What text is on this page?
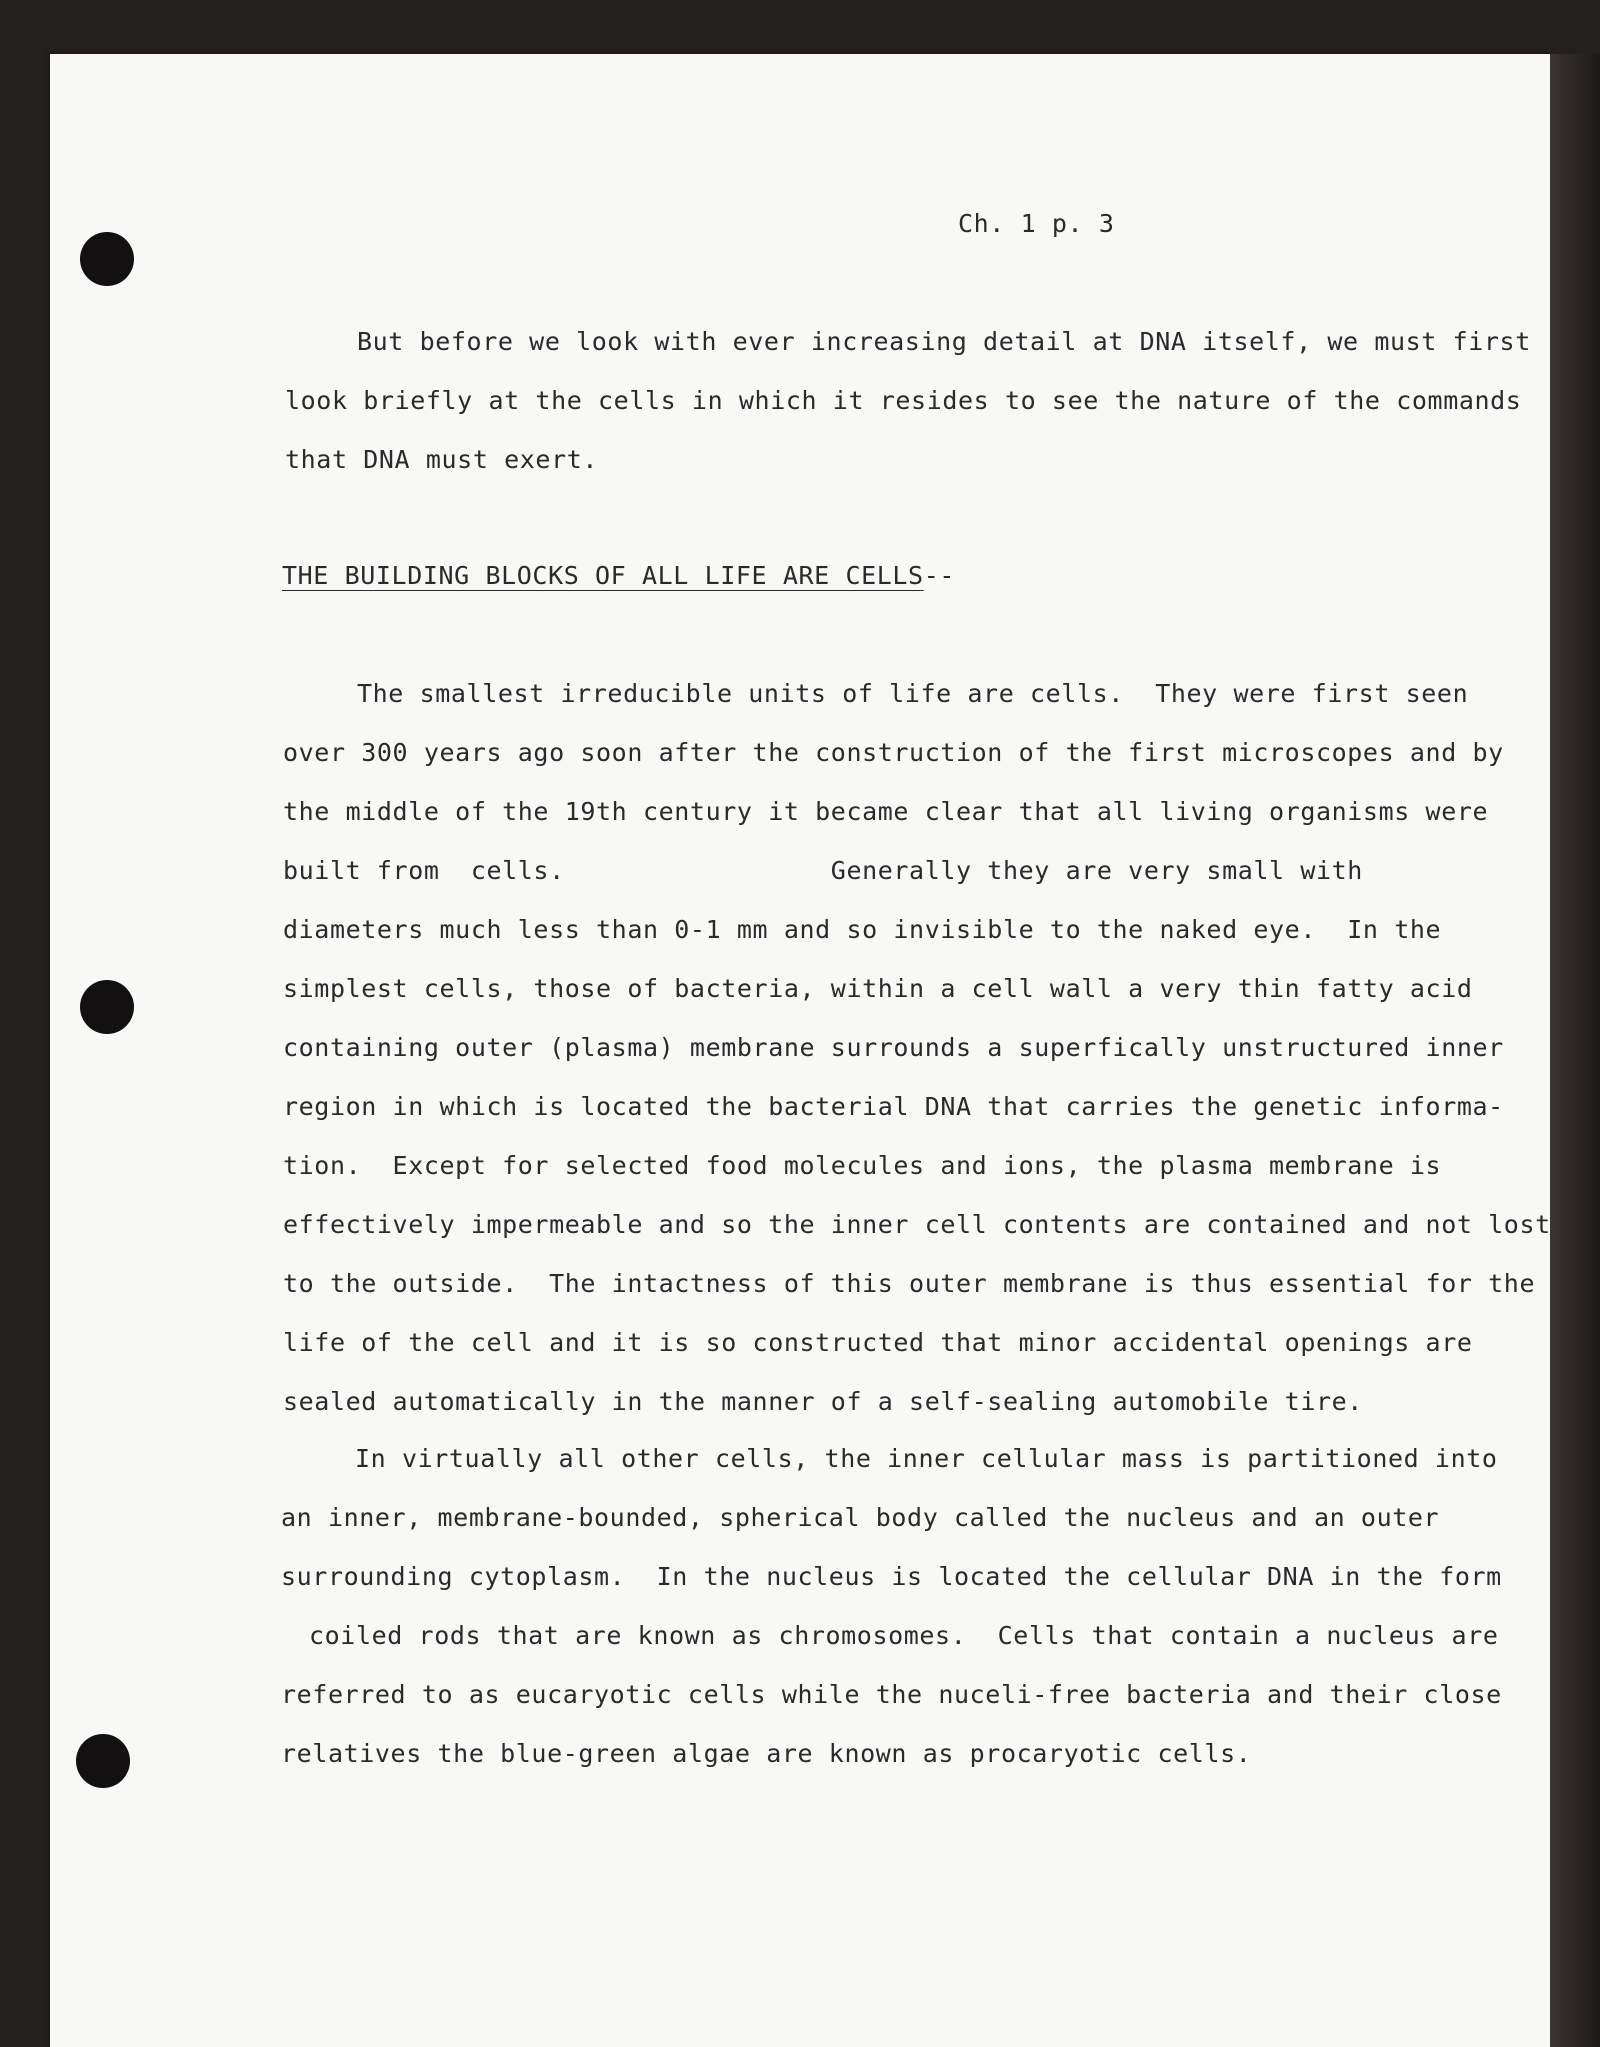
Ch. 1 p. 3

But before we look with ever increasing detail at DNA itself, we must first

look briefly at the cells in which it resides to see the nature of the commands

that DNA must exert.

THE BUILDING BLOCKS OF ALL LIFE ARE CELLS--

The smallest irreducible units of life are cells.  They were first seen

over 300 years ago soon after the construction of the first microscopes and by

the middle of the 19th century it became clear that all living organisms were

built from  cells.                 Generally they are very small with

diameters much less than 0-1 mm and so invisible to the naked eye.  In the

simplest cells, those of bacteria, within a cell wall a very thin fatty acid

containing outer (plasma) membrane surrounds a superfically unstructured inner

region in which is located the bacterial DNA that carries the genetic informa-

tion.  Except for selected food molecules and ions, the plasma membrane is

effectively impermeable and so the inner cell contents are contained and not lost

to the outside.  The intactness of this outer membrane is thus essential for the

life of the cell and it is so constructed that minor accidental openings are

sealed automatically in the manner of a self-sealing automobile tire.

In virtually all other cells, the inner cellular mass is partitioned into

an inner, membrane-bounded, spherical body called the nucleus and an outer

surrounding cytoplasm.  In the nucleus is located the cellular DNA in the form

coiled rods that are known as chromosomes.  Cells that contain a nucleus are

referred to as eucaryotic cells while the nuceli-free bacteria and their close

relatives the blue-green algae are known as procaryotic cells.
